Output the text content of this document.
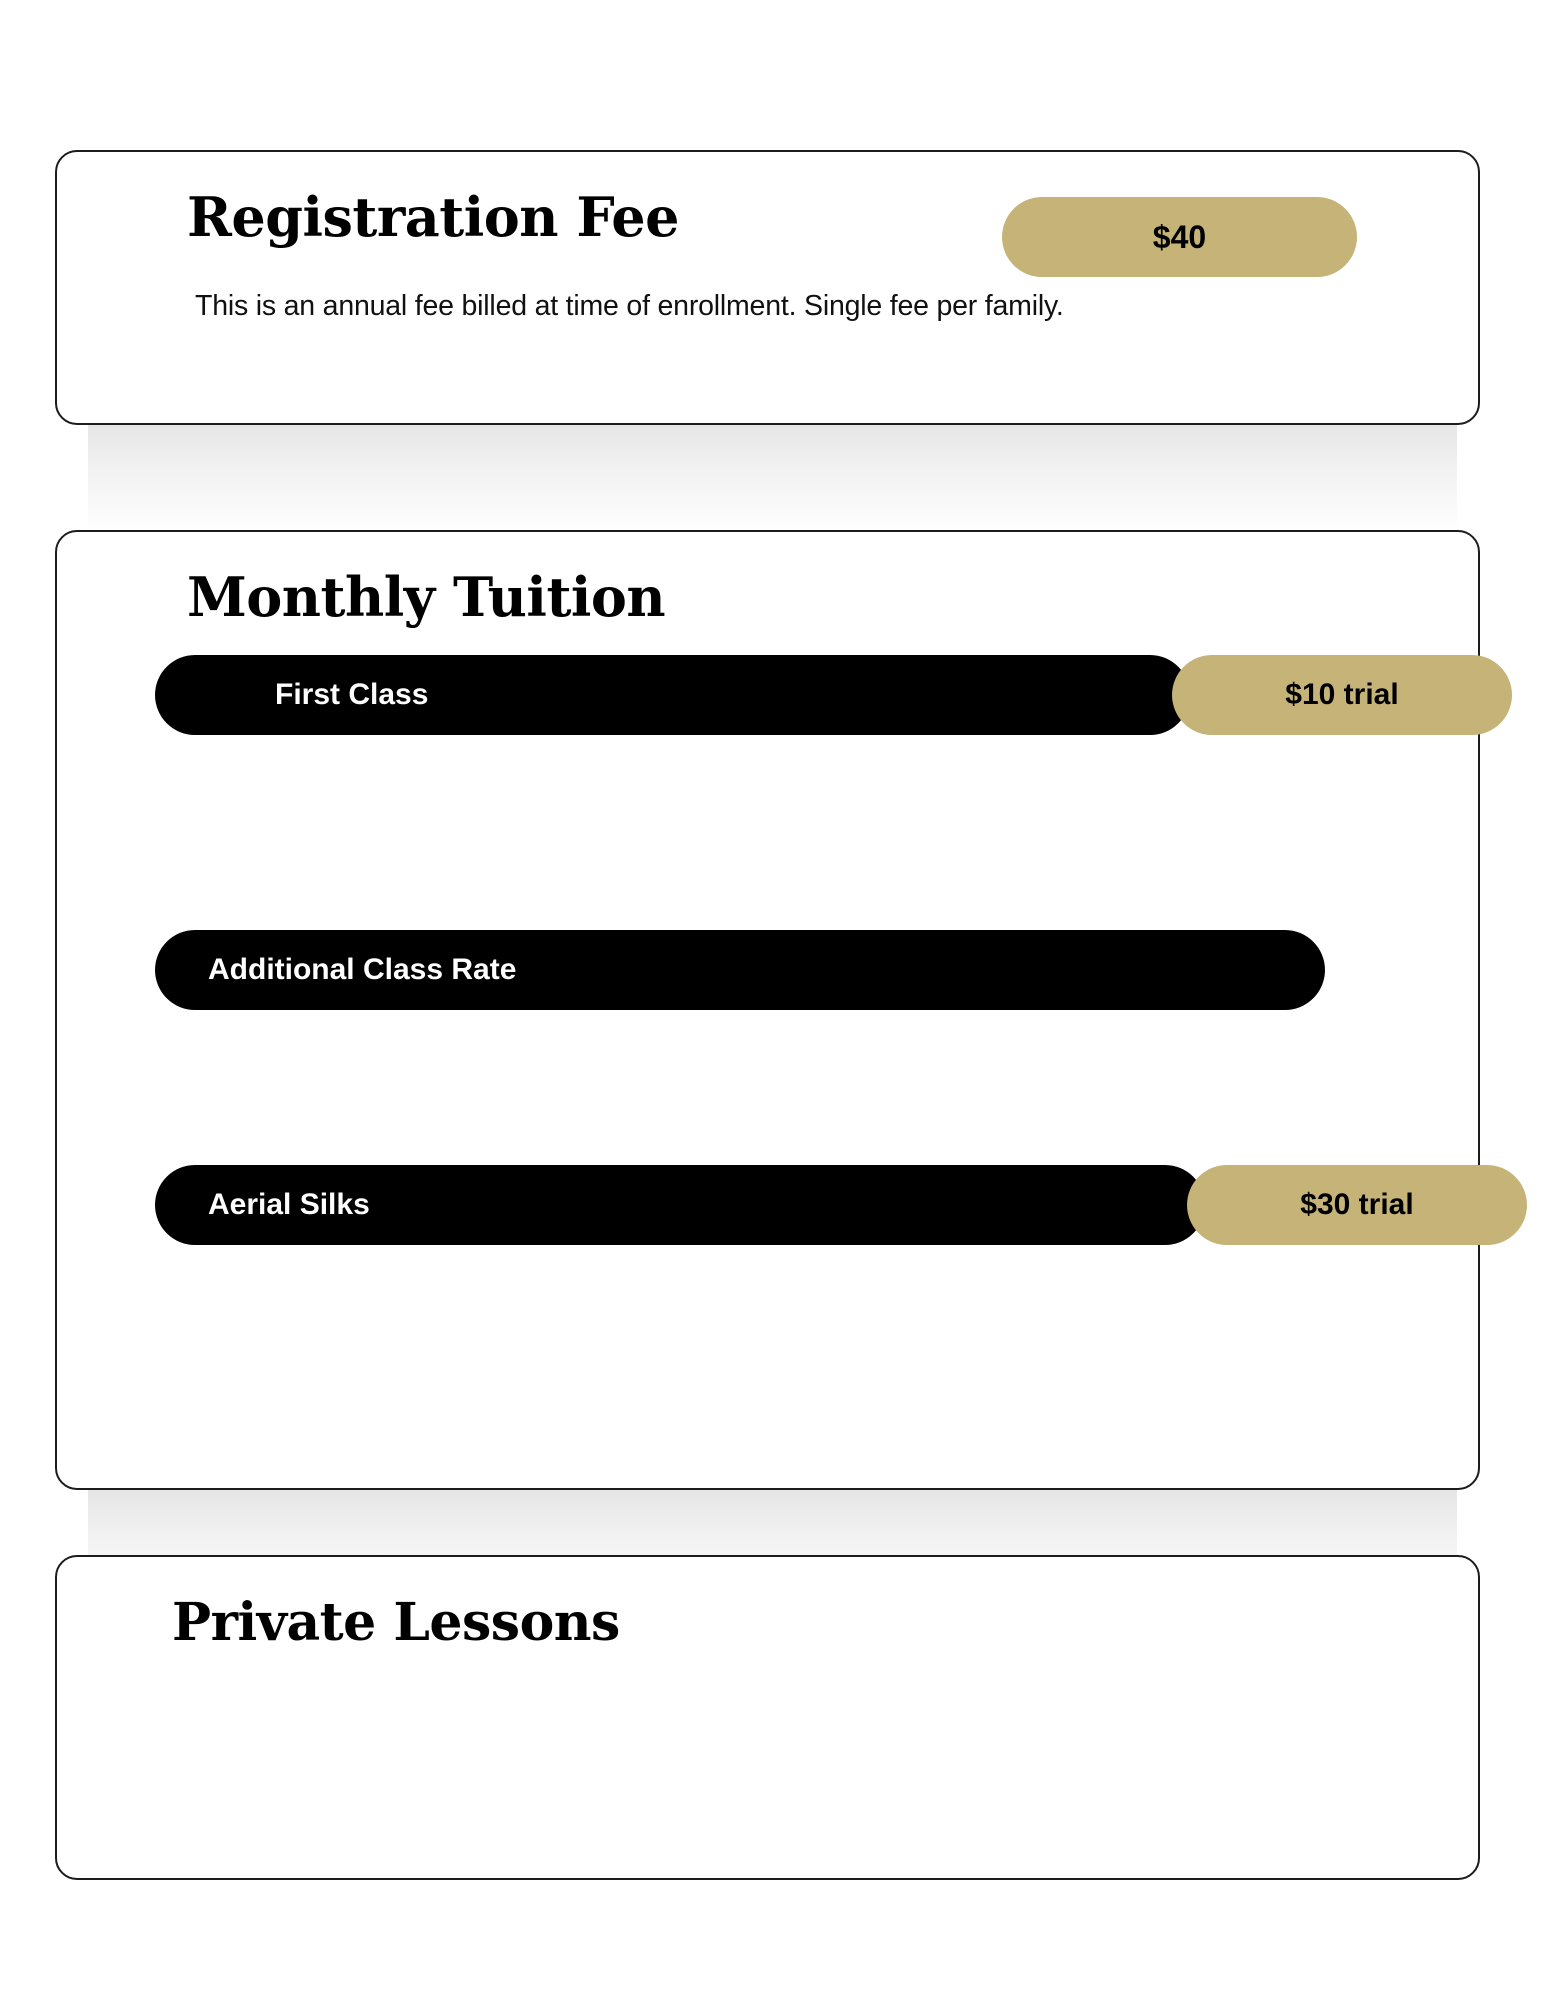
Registration Fee	$40
This is an annual fee billed at time of enrollment. Single fee per family.
Monthly Tuition
First Class	$10 trial
Additional Class Rate
Aerial Silks	$30 trial
Private Lessons
